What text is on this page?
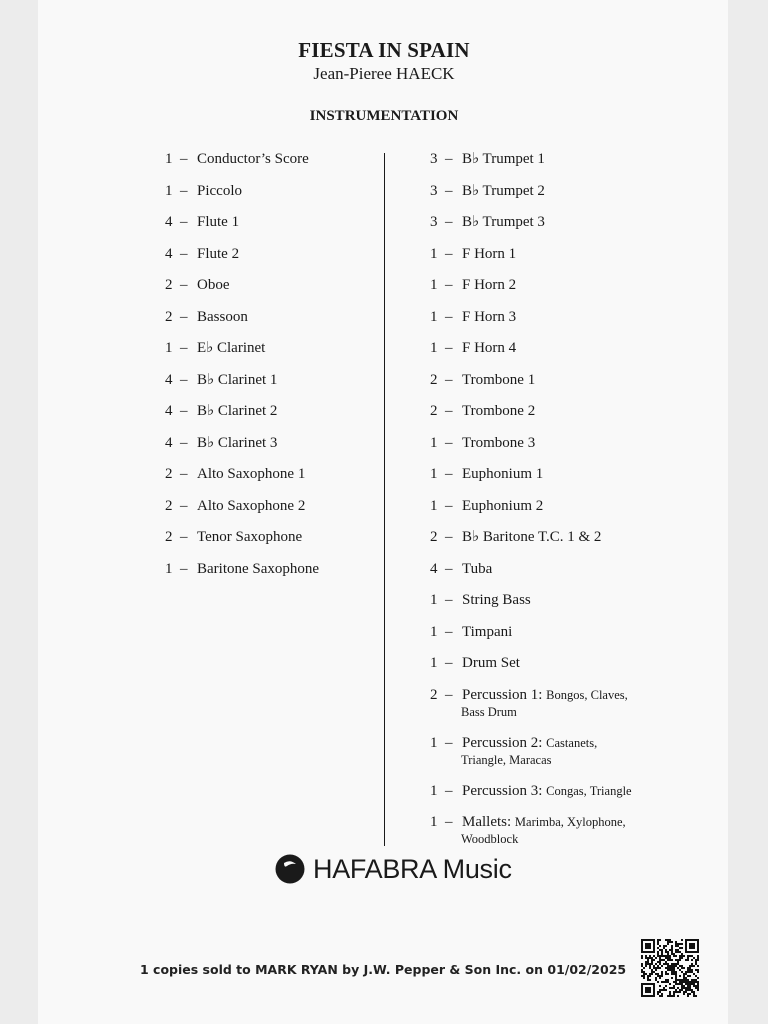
FIESTA IN SPAIN
Jean-Pieree HAECK
INSTRUMENTATION
1 – Conductor’s Score
1 – Piccolo
4 – Flute 1
4 – Flute 2
2 – Oboe
2 – Bassoon
1 – E♭ Clarinet
4 – B♭ Clarinet 1
4 – B♭ Clarinet 2
4 – B♭ Clarinet 3
2 – Alto Saxophone 1
2 – Alto Saxophone 2
2 – Tenor Saxophone
1 – Baritone Saxophone
3 – B♭ Trumpet 1
3 – B♭ Trumpet 2
3 – B♭ Trumpet 3
1 – F Horn 1
1 – F Horn 2
1 – F Horn 3
1 – F Horn 4
2 – Trombone 1
2 – Trombone 2
1 – Trombone 3
1 – Euphonium 1
1 – Euphonium 2
2 – B♭ Baritone T.C. 1 & 2
4 – Tuba
1 – String Bass
1 – Timpani
1 – Drum Set
2 – Percussion 1: Bongos, Claves,
Bass Drum
1 – Percussion 2: Castanets,
Triangle, Maracas
1 – Percussion 3: Congas, Triangle
1 – Mallets: Marimba, Xylophone,
Woodblock
HAFABRA Music
1 copies sold to MARK RYAN by J.W. Pepper & Son Inc. on 01/02/2025
